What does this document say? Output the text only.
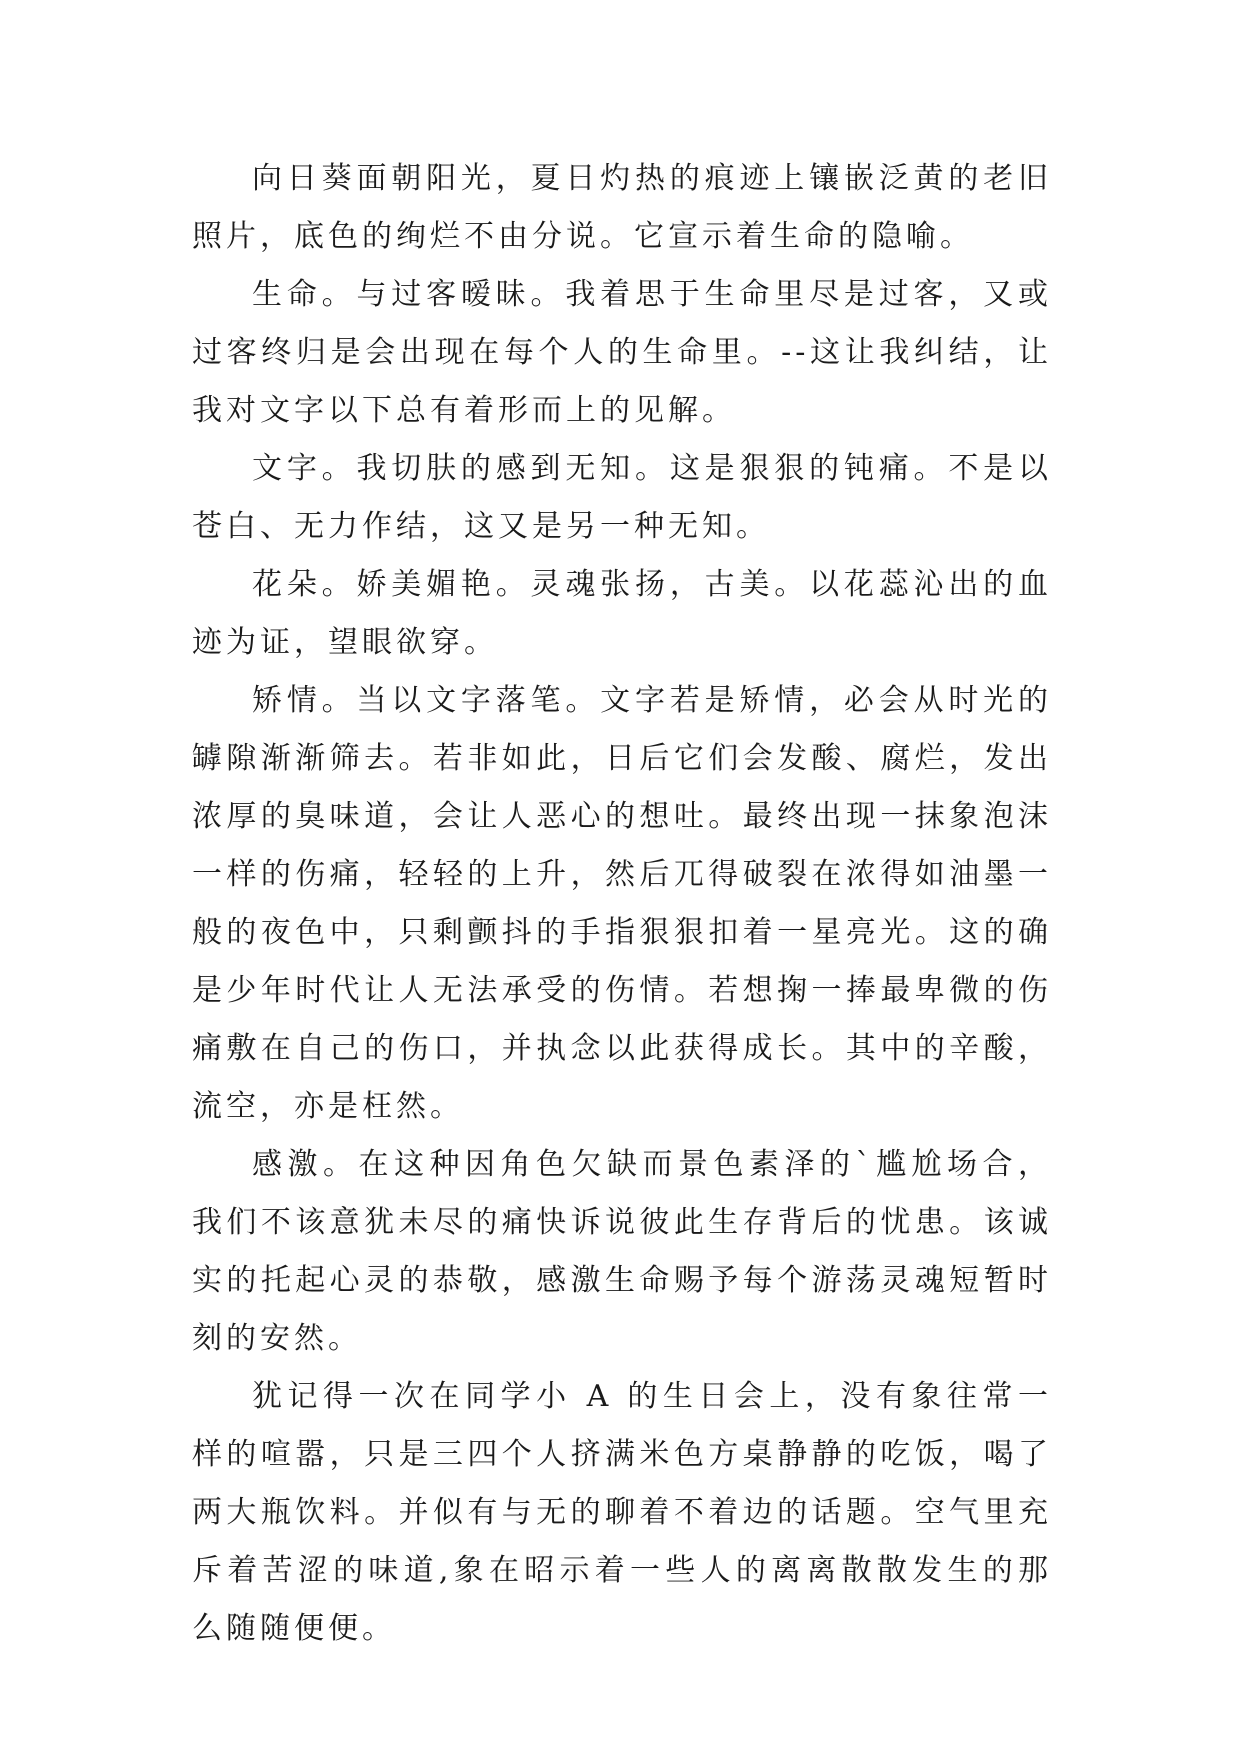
向日葵面朝阳光，夏日灼热的痕迹上镶嵌泛黄的老旧照片，底色的绚烂不由分说。它宣示着生命的隐喻。

生命。与过客暧昧。我着思于生命里尽是过客，又或过客终归是会出现在每个人的生命里。--这让我纠结，让我对文字以下总有着形而上的见解。

文字。我切肤的感到无知。这是狠狠的钝痛。不是以苍白、无力作结，这又是另一种无知。

花朵。娇美媚艳。灵魂张扬，古美。以花蕊沁出的血迹为证，望眼欲穿。

矫情。当以文字落笔。文字若是矫情，必会从时光的罅隙渐渐筛去。若非如此，日后它们会发酸、腐烂，发出浓厚的臭味道，会让人恶心的想吐。最终出现一抹象泡沫一样的伤痛，轻轻的上升，然后兀得破裂在浓得如油墨一般的夜色中，只剩颤抖的手指狠狠扣着一星亮光。这的确是少年时代让人无法承受的伤情。若想掬一捧最卑微的伤痛敷在自己的伤口，并执念以此获得成长。其中的辛酸，流空，亦是枉然。

感激。在这种因角色欠缺而景色素泽的`尴尬场合，我们不该意犹未尽的痛快诉说彼此生存背后的忧患。该诚实的托起心灵的恭敬，感激生命赐予每个游荡灵魂短暂时刻的安然。

犹记得一次在同学小 A 的生日会上，没有象往常一样的喧嚣，只是三四个人挤满米色方桌静静的吃饭，喝了两大瓶饮料。并似有与无的聊着不着边的话题。空气里充斥着苦涩的味道,象在昭示着一些人的离离散散发生的那么随随便便。
